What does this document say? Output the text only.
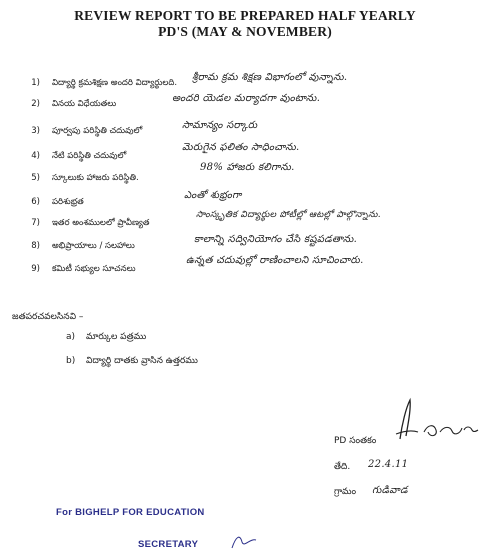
REVIEW REPORT TO BE PREPARED HALF YEARLY
PD'S (MAY & NOVEMBER)
1) విద్యార్థి క్రమశిక్షణ అందరి విద్యార్థులది. శ్రీరామ క్రమ శిక్షణ విభాగంలో వున్నాను.
2) వినయ విధేయతలు	అందరి యెడల మర్యాదగా వుంటాను.
3) పూర్వపు పరిస్థితి చదువులో	సామాన్యం సర్కారు
4) నేటి పరిస్థితి చదువులో
మెరుగైన ఫలితం సాధించాను.
5) స్కూలుకు హాజరు పరిస్థితి.
98% హాజరు కలిగాను.
6) పరిశుభ్రత
ఎంతో శుభ్రంగా
7) ఇతర అంశములలో ప్రావీణ్యత
సాంస్కృతిక విద్యార్థుల పోటీల్లో ఆటల్లో పాల్గొన్నాను.
8) అభిప్రాయాలు / సలహాలు
కాలాన్ని సద్వినియోగం చేసి కష్టపడతాను.
9) కమిటీ సభ్యుల సూచనలు
ఉన్నత చదువుల్లో రాణించాలని సూచించారు.
జతపరచవలసినవి –
a) మార్కుల పత్రము
b) విద్యార్థి దాతకు వ్రాసిన ఉత్తరము
PD సంతకం
తేది. 22.4.11
గ్రామం గుడివాడ
For BIGHELP FOR EDUCATION
SECRETARY
